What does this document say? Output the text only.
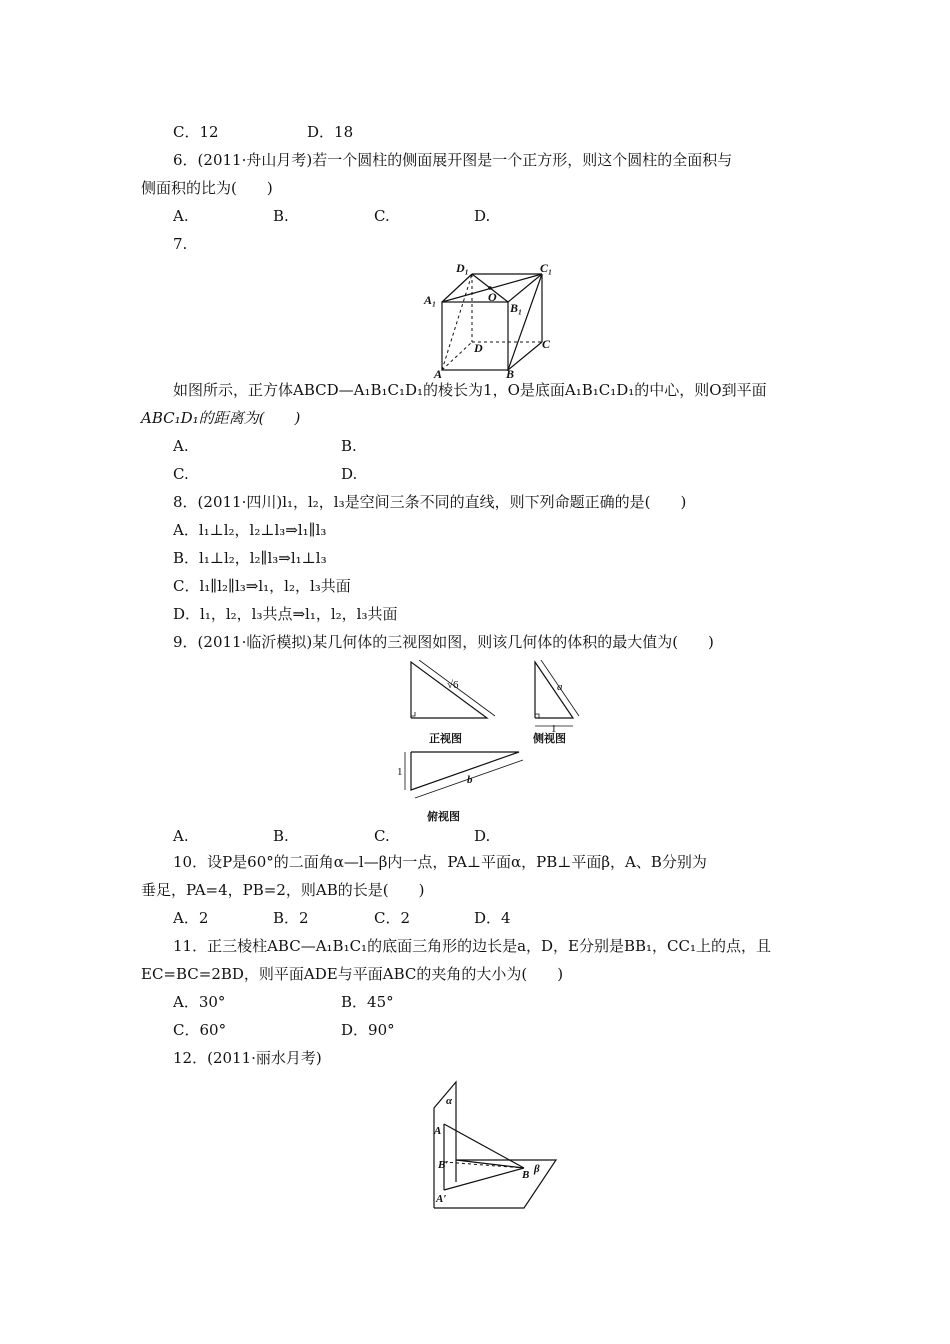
C．12	D．18
6．(2011·舟山月考)若一个圆柱的侧面展开图是一个正方形，则这个圆柱的全面积与
侧面积的比为(　　)
A.	B.	C.	D.
7.
D₁	C₁
A₁
B₁
O
D	C
A	B
如图所示，正方体ABCD—A₁B₁C₁D₁的棱长为1，O是底面A₁B₁C₁D₁的中心，则O到平面
ABC₁D₁的距离为(　　)
A.	B.
C.	D.
8．(2011·四川)l₁，l₂，l₃是空间三条不同的直线，则下列命题正确的是(　　)
A．l₁⊥l₂，l₂⊥l₃⇒l₁∥l₃
B．l₁⊥l₂，l₂∥l₃⇒l₁⊥l₃
C．l₁∥l₂∥l₃⇒l₁，l₂，l₃共面
D．l₁，l₂，l₃共点⇒l₁，l₂，l₃共面
9．(2011·临沂模拟)某几何体的三视图如图，则该几何体的体积的最大值为(　　)
√6	a
1
1
b
正视图	侧视图
俯视图
A.	B.	C.	D.
10．设P是60°的二面角α—l—β内一点，PA⊥平面α，PB⊥平面β，A、B分别为
垂足，PA=4，PB=2，则AB的长是(　　)
A．2	B．2	C．2	D．4
11．正三棱柱ABC—A₁B₁C₁的底面三角形的边长是a，D，E分别是BB₁，CC₁上的点，且
EC=BC=2BD，则平面ADE与平面ABC的夹角的大小为(　　)
A．30°	B．45°
C．60°	D．90°
12．(2011·丽水月考)
α
β
A
B′
B
A′
